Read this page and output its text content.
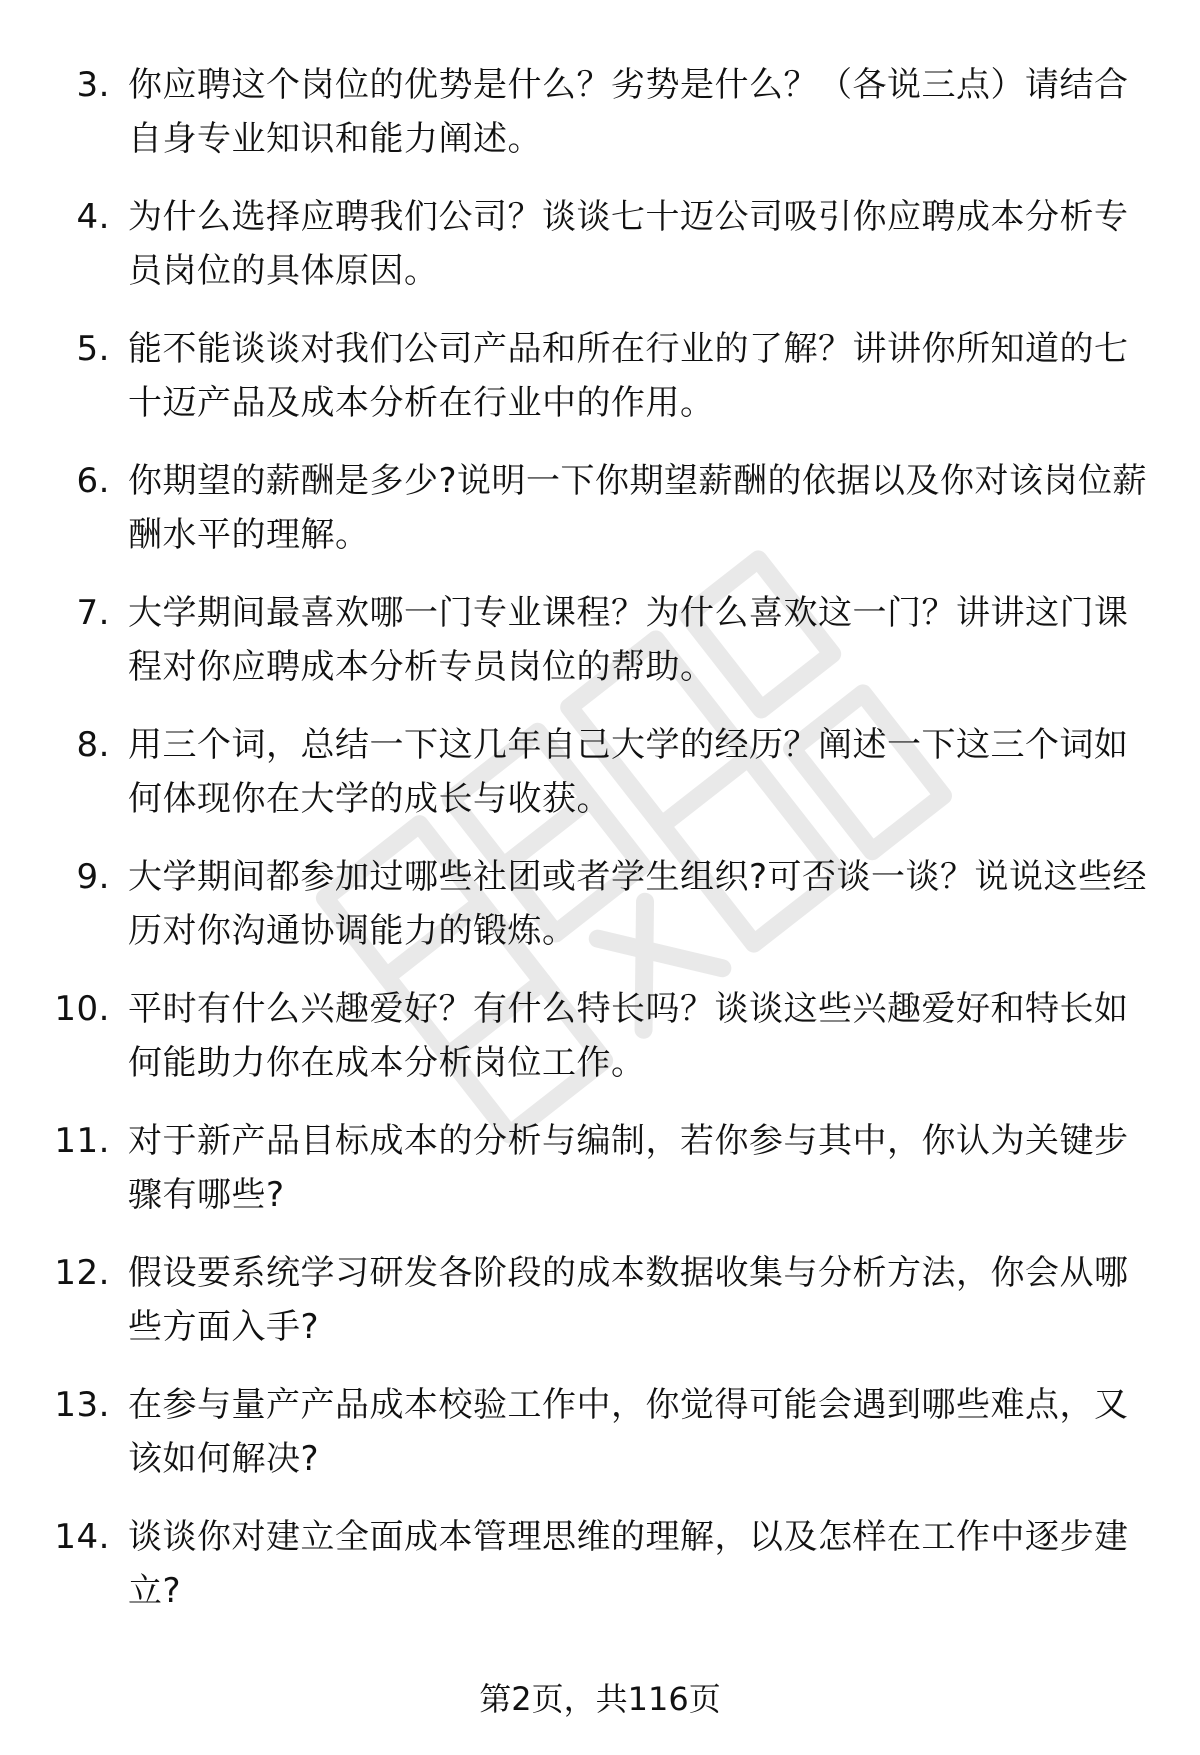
3. 你应聘这个岗位的优势是什么？劣势是什么？（各说三点）请结合自身专业知识和能力阐述。
4. 为什么选择应聘我们公司？谈谈七十迈公司吸引你应聘成本分析专员岗位的具体原因。
5. 能不能谈谈对我们公司产品和所在行业的了解？讲讲你所知道的七十迈产品及成本分析在行业中的作用。
6. 你期望的薪酬是多少?说明一下你期望薪酬的依据以及你对该岗位薪酬水平的理解。
7. 大学期间最喜欢哪一门专业课程？为什么喜欢这一门？讲讲这门课程对你应聘成本分析专员岗位的帮助。
8. 用三个词，总结一下这几年自己大学的经历？阐述一下这三个词如何体现你在大学的成长与收获。
9. 大学期间都参加过哪些社团或者学生组织?可否谈一谈？说说这些经历对你沟通协调能力的锻炼。
10. 平时有什么兴趣爱好？有什么特长吗？谈谈这些兴趣爱好和特长如何能助力你在成本分析岗位工作。
11. 对于新产品目标成本的分析与编制，若你参与其中，你认为关键步骤有哪些?
12. 假设要系统学习研发各阶段的成本数据收集与分析方法，你会从哪些方面入手?
13. 在参与量产产品成本校验工作中，你觉得可能会遇到哪些难点，又该如何解决?
14. 谈谈你对建立全面成本管理思维的理解，以及怎样在工作中逐步建立?
第2页，共116页
